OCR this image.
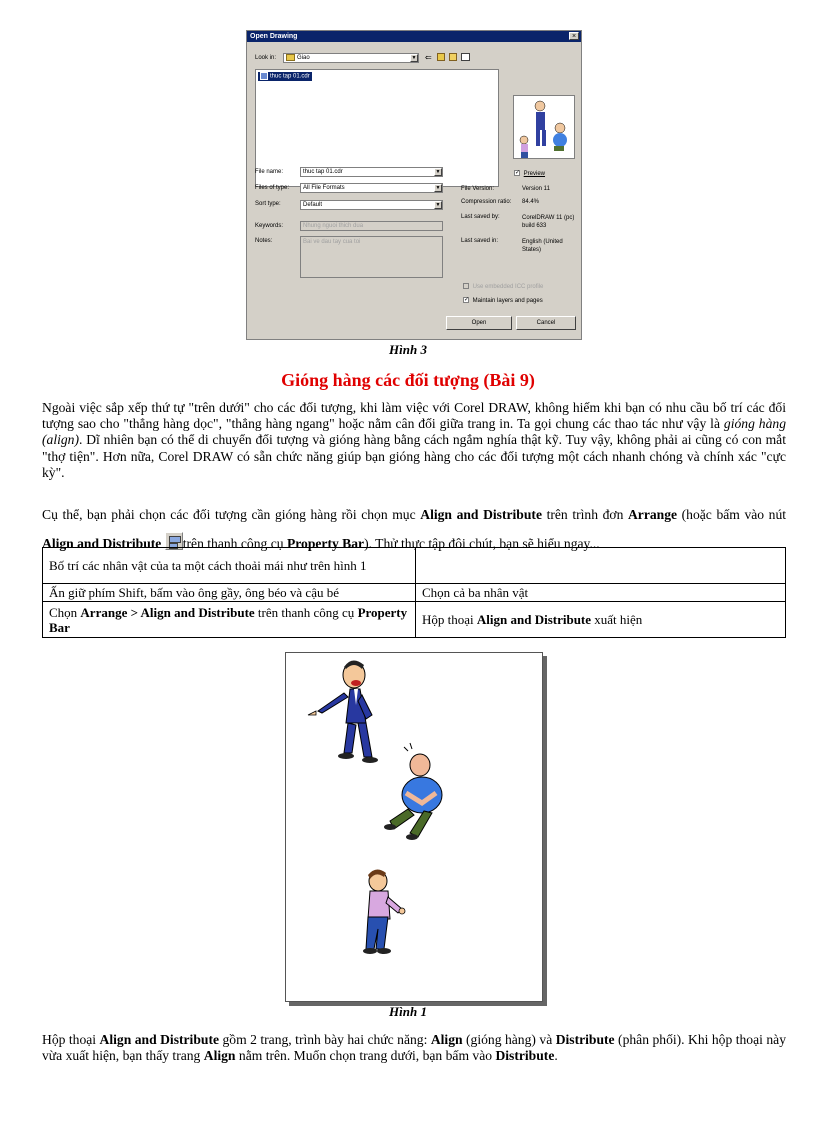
Open Drawing	×
Look in:	Giao	▼ ⇐
thuc tap 01.cdr
✓ Preview
File name:	thuc tap 01.cdr	▼
Files of type:	All File Formats	▼
Sort type:	Default	▼
Keywords:	Nhung nguoi thich dua
Notes:	Bai ve dau tay cua toi
File Version:	Version 11
Compression ratio: 84.4%
Last saved by:	CorelDRAW 11 (pc) build 633
Last saved in:	English (United States)
Use embedded ICC profile
✓ Maintain layers and pages
Open	Cancel
Hình 3
Gióng hàng các đối tượng (Bài 9)
Ngoài việc sắp xếp thứ tự "trên dưới" cho các đối tượng, khi làm việc với Corel DRAW, không hiếm khi bạn có nhu cầu bố trí các đối tượng sao cho "thẳng hàng dọc", "thẳng hàng ngang" hoặc nằm cân đối giữa trang in. Ta gọi chung các thao tác như vậy là gióng hàng (align). Dĩ nhiên bạn có thể di chuyển đối tượng và gióng hàng bằng cách ngắm nghía thật kỹ. Tuy vậy, không phải ai cũng có con mắt "thợ tiện". Hơn nữa, Corel DRAW có sẵn chức năng giúp bạn gióng hàng cho các đối tượng một cách nhanh chóng và chính xác "cực kỳ".
Cụ thể, bạn phải chọn các đối tượng cần gióng hàng rồi chọn mục Align and Distribute trên trình đơn Arrange (hoặc bấm vào nút Align and Distribute trên thanh công cụ Property Bar). Thử thực tập đôi chút, bạn sẽ hiểu ngay...
Bố trí các nhân vật của ta một cách thoải mái như trên hình 1	
Ấn giữ phím Shift, bấm vào ông gầy, ông béo và cậu bé	Chọn cả ba nhân vật
Chọn Arrange > Align and Distribute trên thanh công cụ Property Bar	Hộp thoại Align and Distribute xuất hiện
Hình 1
Hộp thoại Align and Distribute gồm 2 trang, trình bày hai chức năng: Align (gióng hàng) và Distribute (phân phối). Khi hộp thoại này vừa xuất hiện, bạn thấy trang Align nằm trên. Muốn chọn trang dưới, bạn bấm vào Distribute.
